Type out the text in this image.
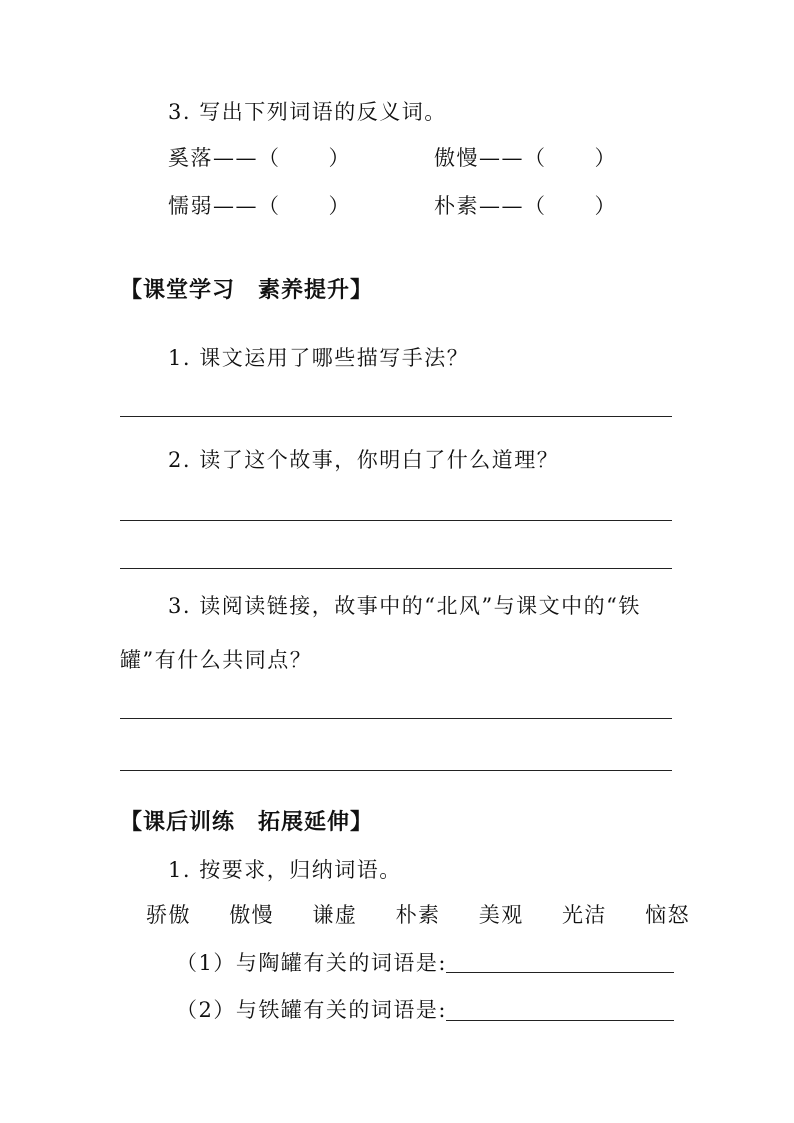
3. 写出下列词语的反义词。
奚落 —— （ ）	傲慢 —— （ ）
懦弱 —— （ ）	朴素 —— （ ）
【课堂学习　素养提升】
1. 课文运用了哪些描写手法？
2. 读了这个故事，你明白了什么道理？
3. 读阅读链接，故事中的“北风”与课文中的“铁
罐”有什么共同点？
【课后训练　拓展延伸】
1. 按要求，归纳词语。
骄傲 傲慢 谦虚 朴素 美观 光洁 恼怒
（1）与陶罐有关的词语是:
（2）与铁罐有关的词语是:
